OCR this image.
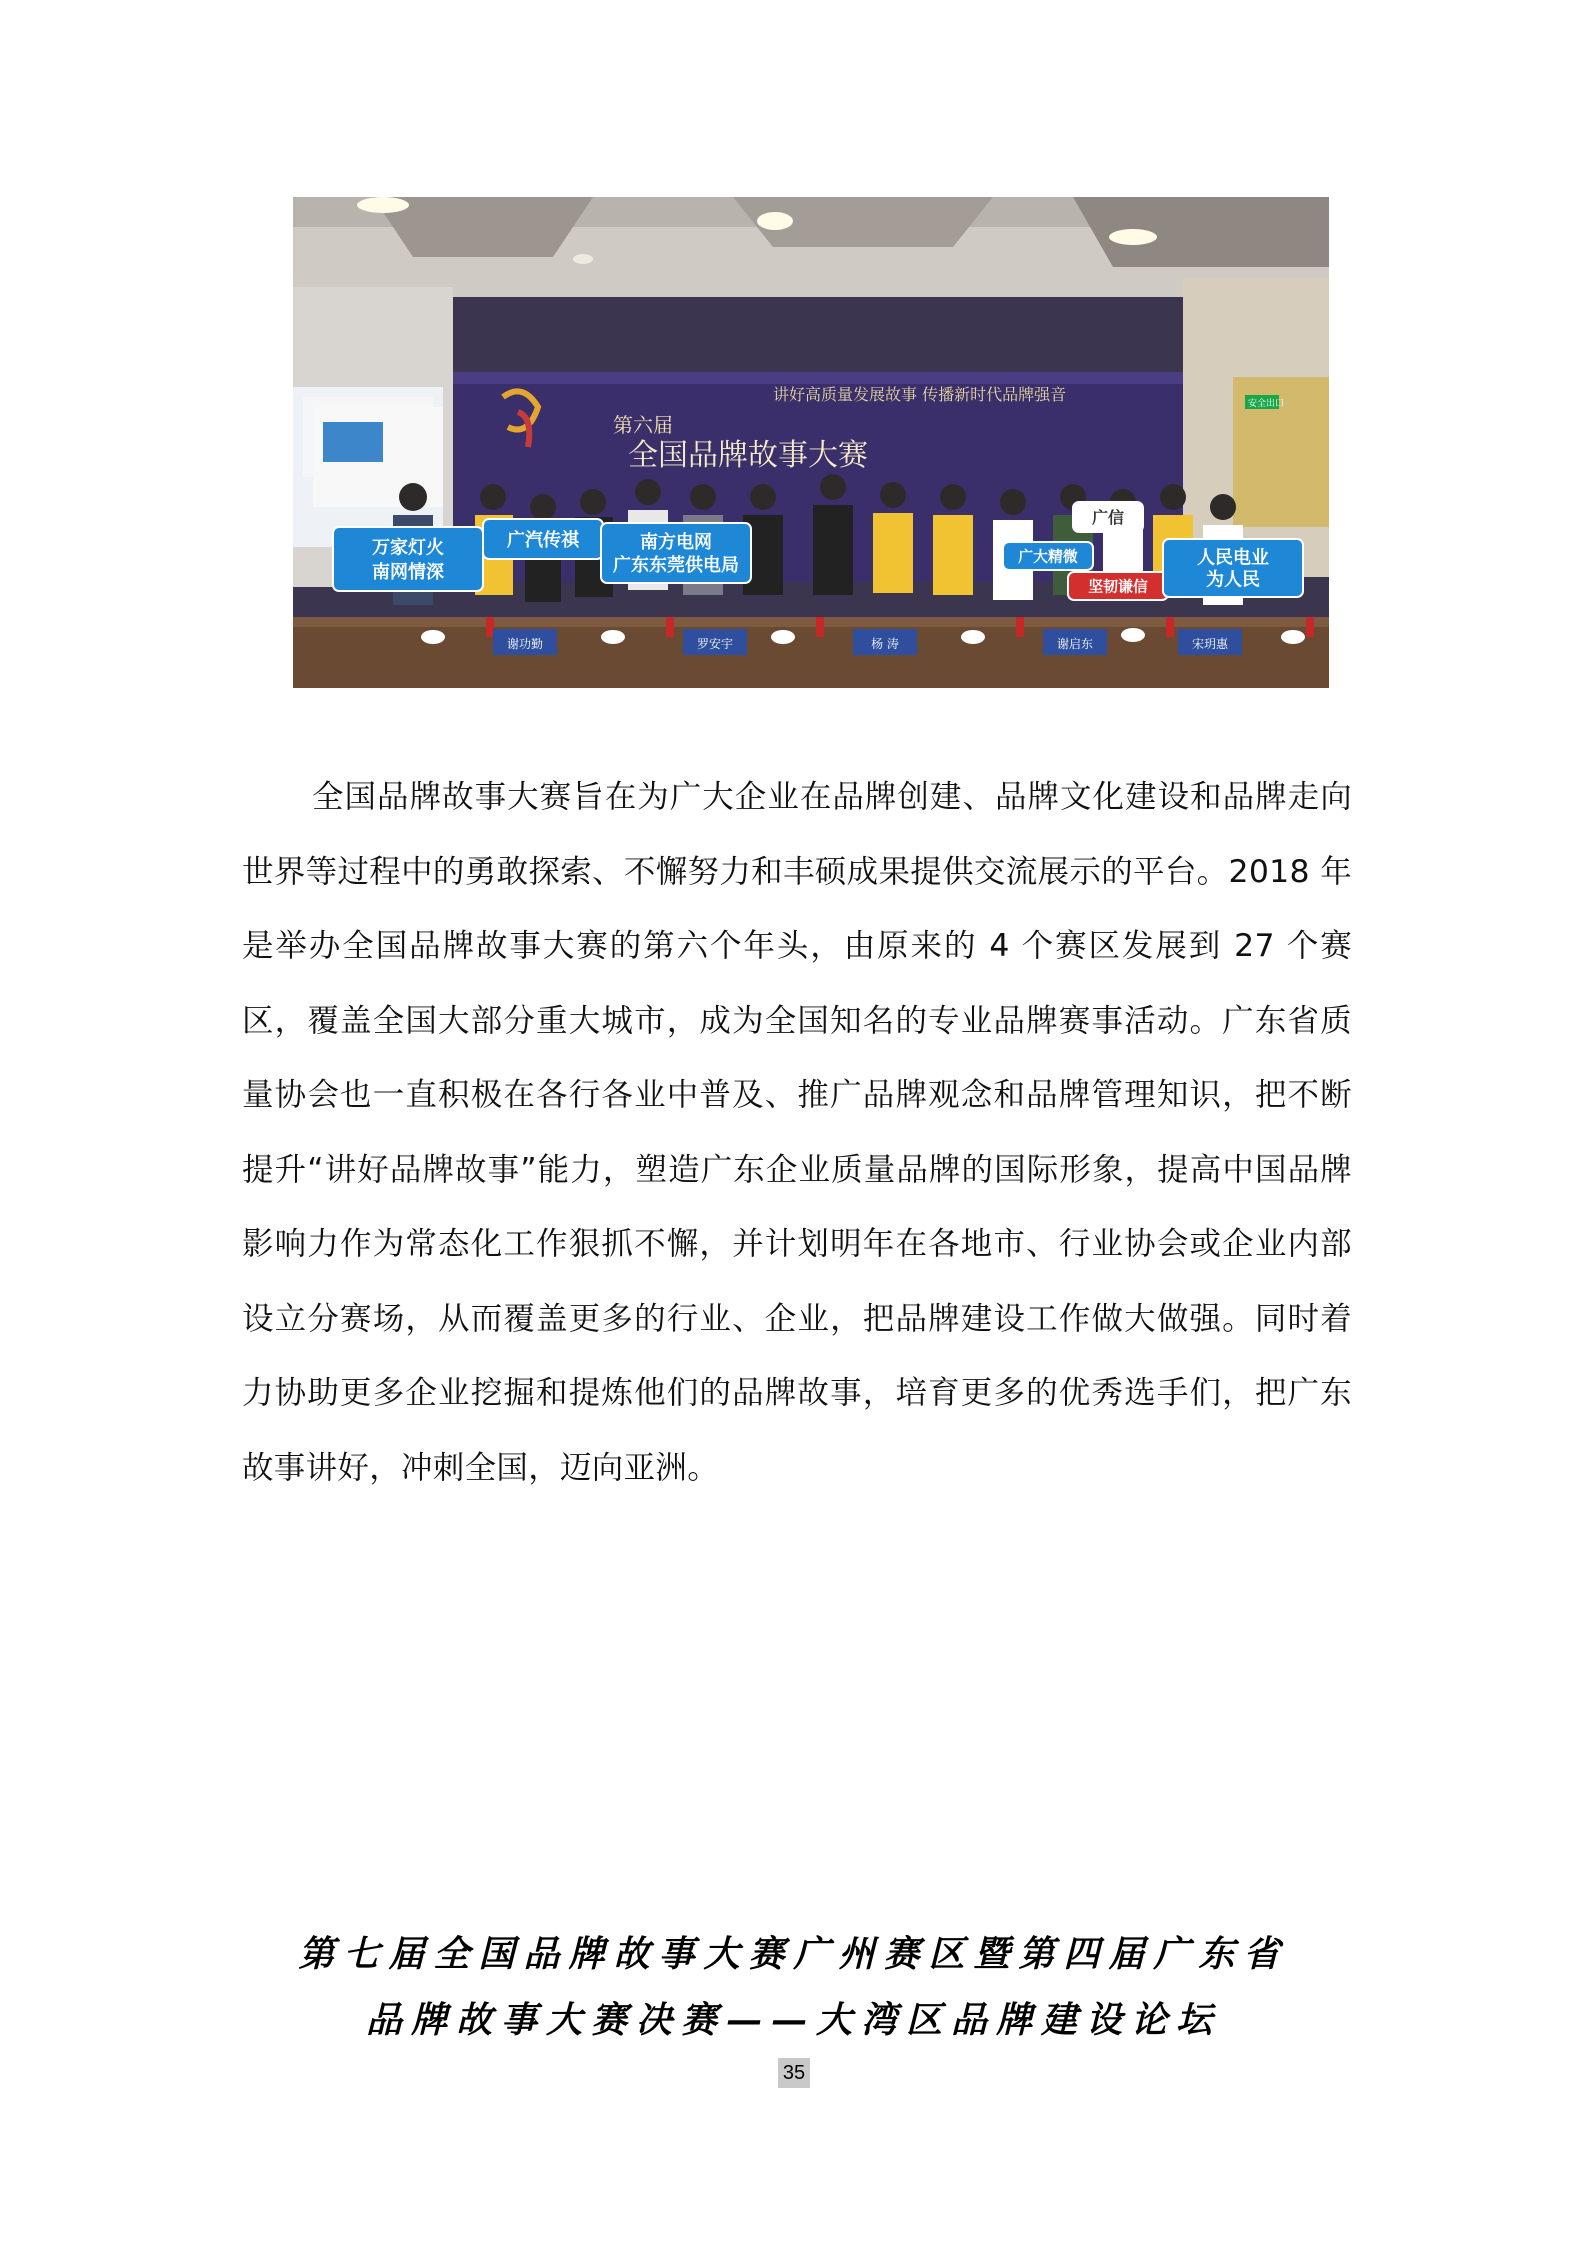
讲好高质量发展故事 传播新时代品牌强音
第六届
全国品牌故事大赛
安全出口
万家灯火
南网情深
广汽传祺	南方电网
广东东莞供电局	广大精微
坚韧谦信
人民电业
为人民
广信
谢功勤	罗安宇	杨 涛	谢启东	宋玥惠

全国品牌故事大赛旨在为广大企业在品牌创建、品牌文化建设和品牌走向世界等过程中的勇敢探索、不懈努力和丰硕成果提供交流展示的平台。2018 年是举办全国品牌故事大赛的第六个年头，由原来的 4 个赛区发展到 27 个赛区，覆盖全国大部分重大城市，成为全国知名的专业品牌赛事活动。广东省质量协会也一直积极在各行各业中普及、推广品牌观念和品牌管理知识，把不断提升“讲好品牌故事”能力，塑造广东企业质量品牌的国际形象，提高中国品牌影响力作为常态化工作狠抓不懈，并计划明年在各地市、行业协会或企业内部设立分赛场，从而覆盖更多的行业、企业，把品牌建设工作做大做强。同时着力协助更多企业挖掘和提炼他们的品牌故事，培育更多的优秀选手们，把广东故事讲好，冲刺全国，迈向亚洲。

第七届全国品牌故事大赛广州赛区暨第四届广东省
品牌故事大赛决赛——大湾区品牌建设论坛
35
